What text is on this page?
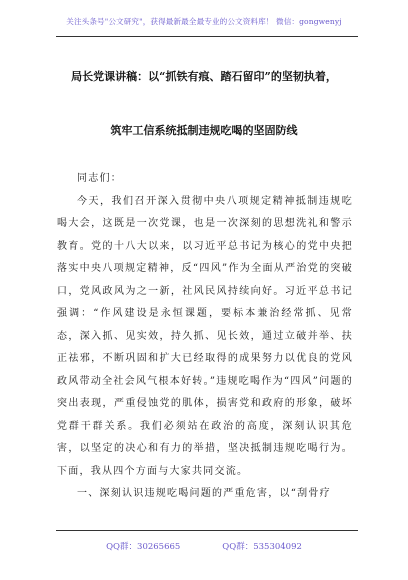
关注头条号"公文研究"，获得最新最全最专业的公文资料库！ 微信：gongwenyj
局长党课讲稿：以“抓铁有痕、踏石留印”的坚韧执着，
筑牢工信系统抵制违规吃喝的坚固防线

同志们：

今天，我们召开深入贯彻中央八项规定精神抵制违规吃喝大会，这既是一次党课，也是一次深刻的思想洗礼和警示教育。党的十八大以来，以习近平总书记为核心的党中央把落实中央八项规定精神，反“四风”作为全面从严治党的突破口，党风政风为之一新，社风民风持续向好。习近平总书记强调：“作风建设是永恒课题，要标本兼治经常抓、见常态，深入抓、见实效，持久抓、见长效，通过立破并举、扶正祛邪，不断巩固和扩大已经取得的成果努力以优良的党风政风带动全社会风气根本好转。”违规吃喝作为“四风”问题的突出表现，严重侵蚀党的肌体，损害党和政府的形象，破坏党群干群关系。我们必须站在政治的高度，深刻认识其危害，以坚定的决心和有力的举措，坚决抵制违规吃喝行为。下面，我从四个方面与大家共同交流。

一、深刻认识违规吃喝问题的严重危害，以“刮骨疗

QQ群：30265665	QQ群：535304092
